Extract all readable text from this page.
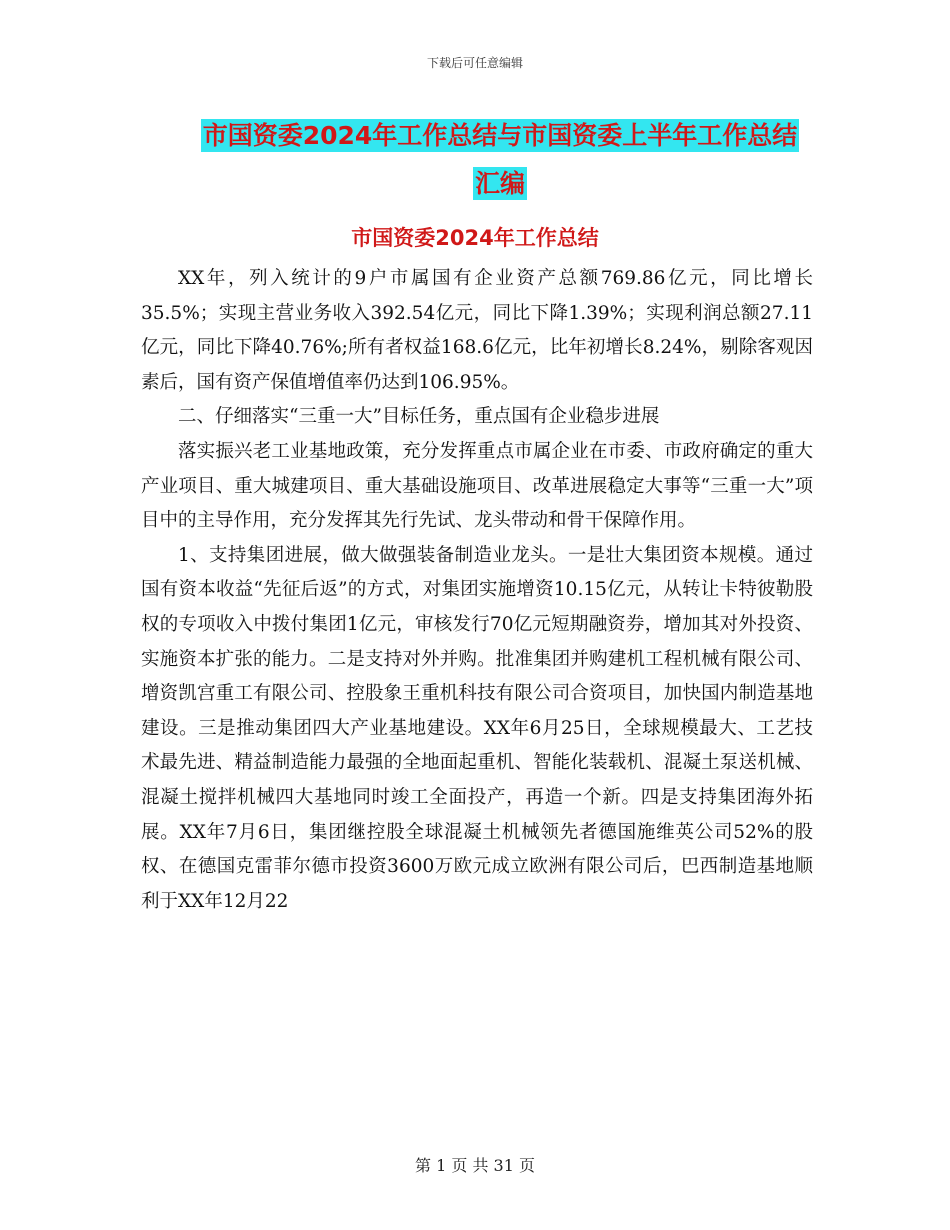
下载后可任意编辑
市国资委2024年工作总结与市国资委上半年工作总结
汇编
市国资委2024年工作总结

XX年，列入统计的9户市属国有企业资产总额769.86亿元，同比增长35.5%；实现主营业务收入392.54亿元，同比下降1.39%；实现利润总额27.11亿元，同比下降40.76%;所有者权益168.6亿元，比年初增长8.24%，剔除客观因素后，国有资产保值增值率仍达到106.95%。

二、仔细落实“三重一大”目标任务，重点国有企业稳步进展

落实振兴老工业基地政策，充分发挥重点市属企业在市委、市政府确定的重大产业项目、重大城建项目、重大基础设施项目、改革进展稳定大事等“三重一大”项目中的主导作用，充分发挥其先行先试、龙头带动和骨干保障作用。

1、支持集团进展，做大做强装备制造业龙头。一是壮大集团资本规模。通过国有资本收益“先征后返”的方式，对集团实施增资10.15亿元，从转让卡特彼勒股权的专项收入中拨付集团1亿元，审核发行70亿元短期融资券，增加其对外投资、实施资本扩张的能力。二是支持对外并购。批准集团并购建机工程机械有限公司、增资凯宫重工有限公司、控股象王重机科技有限公司合资项目，加快国内制造基地建设。三是推动集团四大产业基地建设。XX年6月25日，全球规模最大、工艺技术最先进、精益制造能力最强的全地面起重机、智能化装载机、混凝土泵送机械、混凝土搅拌机械四大基地同时竣工全面投产，再造一个新。四是支持集团海外拓展。XX年7月6日，集团继控股全球混凝土机械领先者德国施维英公司52%的股权、在德国克雷菲尔德市投资3600万欧元成立欧洲有限公司后，巴西制造基地顺利于XX年12月22

第 1 页 共 31 页
